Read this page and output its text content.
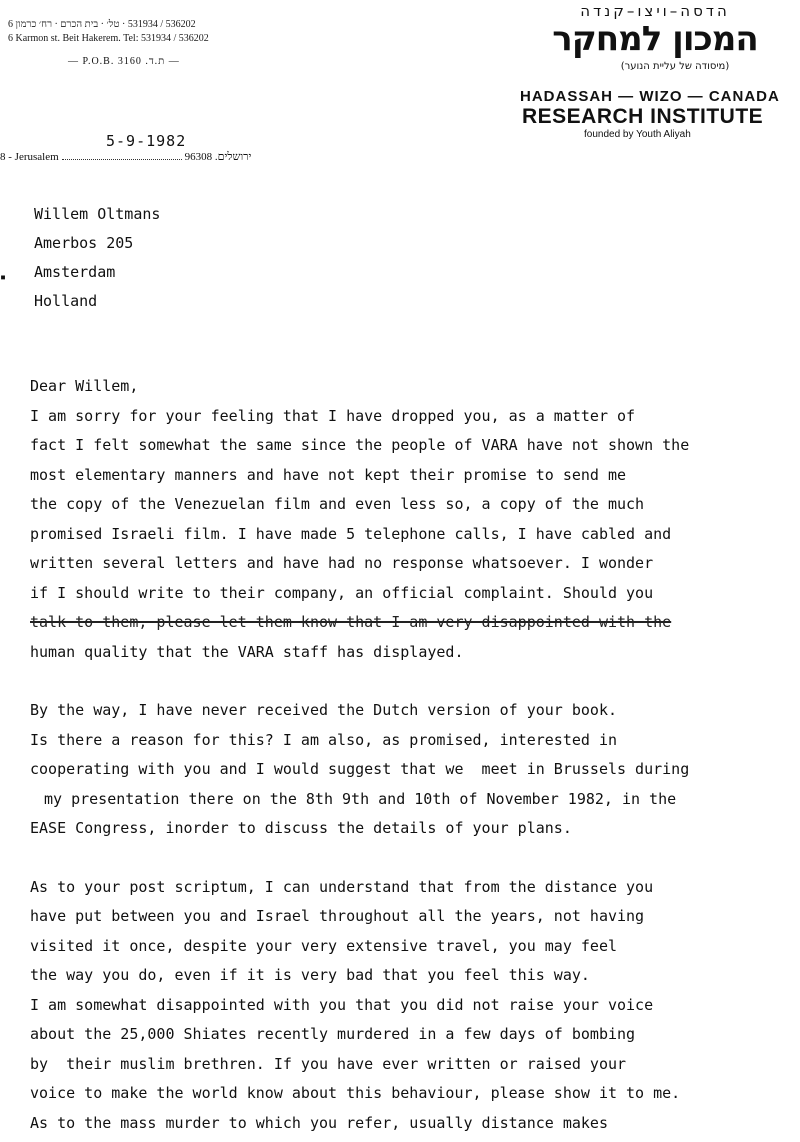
536202 / 531934 · טל׳ · בית הכרם · רח׳ כרמון 6
6 Karmon st. Beit Hakerem. Tel: 531934 / 536202
— P.O.B. 3160 .ת.ד —
הדסה–ויצו–קנדה
המכון למחקר
(מיסודה של עליית הנוער)
HADASSAH — WIZO — CANADA
RESEARCH INSTITUTE
founded by Youth Aliyah
5-9-1982
8 - Jerusalem	ירושלים. 96308
Willem Oltmans
Amerbos 205
Amsterdam
Holland
▪
Dear Willem,
I am sorry for your feeling that I have dropped you, as a matter of
fact I felt somewhat the same since the people of VARA have not shown the
most elementary manners and have not kept their promise to send me
the copy of the Venezuelan film and even less so, a copy of the much
promised Israeli film. I have made 5 telephone calls, I have cabled and
written several letters and have had no response whatsoever. I wonder
if I should write to their company, an official complaint. Should you
talk to them, please let them know that I am very disappointed with the
human quality that the VARA staff has displayed.
By the way, I have never received the Dutch version of your book.
Is there a reason for this? I am also, as promised, interested in
cooperating with you and I would suggest that we  meet in Brussels during
my presentation there on the 8th 9th and 10th of November 1982, in the
EASE Congress, inorder to discuss the details of your plans.
As to your post scriptum, I can understand that from the distance you
have put between you and Israel throughout all the years, not having
visited it once, despite your very extensive travel, you may feel
the way you do, even if it is very bad that you feel this way.
I am somewhat disappointed with you that you did not raise your voice
about the 25,000 Shiates recently murdered in a few days of bombing
by  their muslim brethren. If you have ever written or raised your
voice to make the world know about this behaviour, please show it to me.
As to the mass murder to which you refer, usually distance makes
